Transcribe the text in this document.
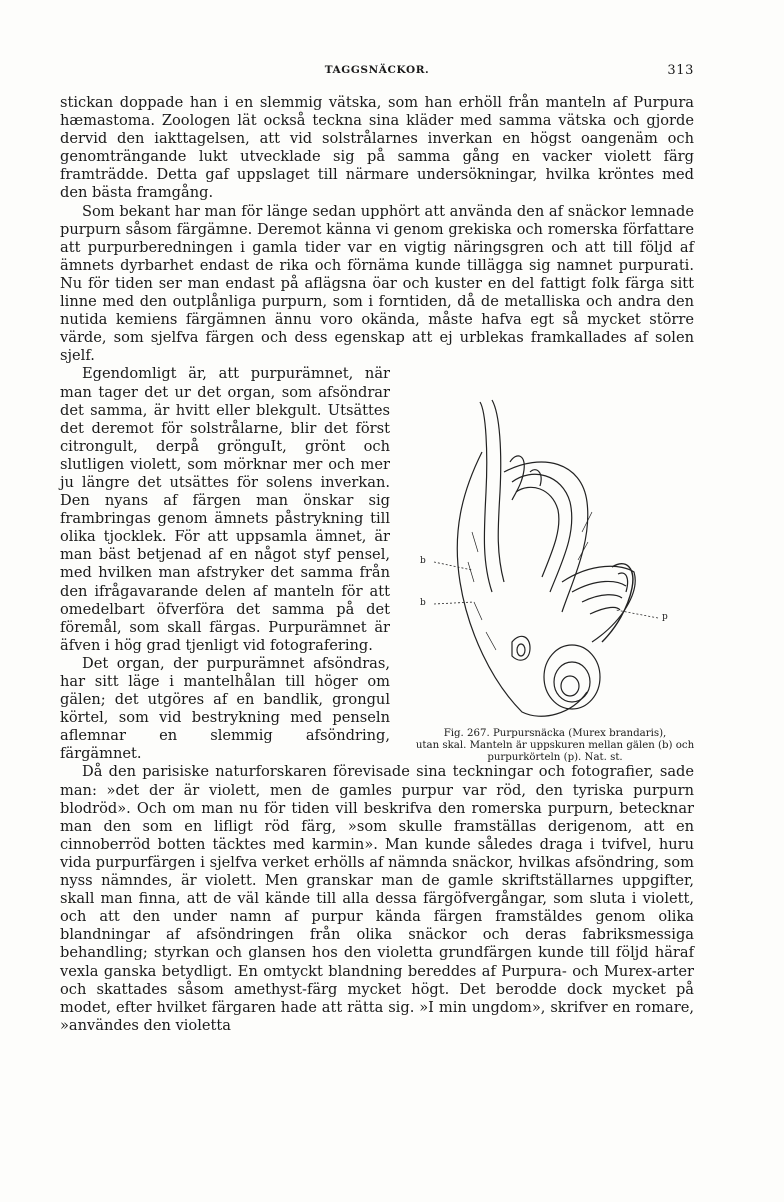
TAGGSNÄCKOR.	313

stickan doppade han i en slemmig vätska, som han erhöll från manteln af Purpura hæmastoma. Zoologen lät också teckna sina kläder med samma vätska och gjorde dervid den iakttagelsen, att vid solstrålarnes inverkan en högst oangenäm och genomträngande lukt utvecklade sig på samma gång en vacker violett färg framträdde. Detta gaf uppslaget till närmare undersökningar, hvilka kröntes med den bästa framgång.

Som bekant har man för länge sedan upphört att använda den af snäckor lemnade purpurn såsom färgämne. Deremot känna vi genom grekiska och romerska författare att purpurberedningen i gamla tider var en vigtig näringsgren och att till följd af ämnets dyrbarhet endast de rika och förnäma kunde tillägga sig namnet purpurati. Nu för tiden ser man endast på aflägsna öar och kuster en del fattigt folk färga sitt linne med den outplånliga purpurn, som i forntiden, då de metalliska och andra den nutida kemiens färgämnen ännu voro okända, måste hafva egt så mycket större värde, som sjelfva färgen och dess egenskap att ej urblekas framkallades af solen sjelf.

Egendomligt är, att purpurämnet, när man tager det ur det organ, som afsöndrar det samma, är hvitt eller blekgult. Utsättes det deremot för solstrålarne, blir det först citrongult, derpå grönguIt, grönt och slutligen violett, som mörknar mer och mer ju längre det utsättes för solens inverkan. Den nyans af färgen man önskar sig frambringas genom ämnets påstrykning till olika tjocklek. För att uppsamla ämnet, är man bäst betjenad af en något styf pensel, med hvilken man afstryker det samma från den ifrågavarande delen af manteln för att omedelbart öfverföra det samma på det föremål, som skall färgas. Purpurämnet är äfven i hög grad tjenligt vid fotografering.

Det organ, der purpurämnet afsöndras, har sitt läge i mantelhålan till höger om gälen; det utgöres af en bandlik, grongul körtel, som vid bestrykning med penseln aflemnar en slemmig afsöndring, färgämnet.

Då den parisiske naturforskaren förevisade sina teckningar och fotografier, sade man: »det der är violett, men de gamles purpur var röd, den tyriska purpurn blodröd». Och om man nu för tiden vill beskrifva den romerska purpurn, betecknar man den som en lifligt röd färg, »som skulle framställas derigenom, att en cinnoberröd botten täcktes med karmin». Man kunde således draga i tvifvel, huru vida purpurfärgen i sjelfva verket erhölls af nämnda snäckor, hvilkas afsöndring, som nyss nämndes, är violett. Men granskar man de gamle skriftställarnes uppgifter, skall man finna, att de väl kände till alla dessa färgöfvergångar, som sluta i violett, och att den under namn af purpur kända färgen framstäldes genom olika blandningar af afsöndringen från olika snäckor och deras fabriksmessiga behandling; styrkan och glansen hos den violetta grundfärgen kunde till följd häraf vexla ganska betydligt. En omtyckt blandning bereddes af Purpura- och Murex-arter och skattades såsom amethyst-färg mycket högt. Det berodde dock mycket på modet, efter hvilket färgaren hade att rätta sig. »I min ungdom», skrifver en romare, »användes den violetta

b
b
p
Fig. 267. Purpursnäcka (Murex brandaris),
utan skal. Manteln är uppskuren mellan gälen (b) och purpurkörteln (p). Nat. st.
